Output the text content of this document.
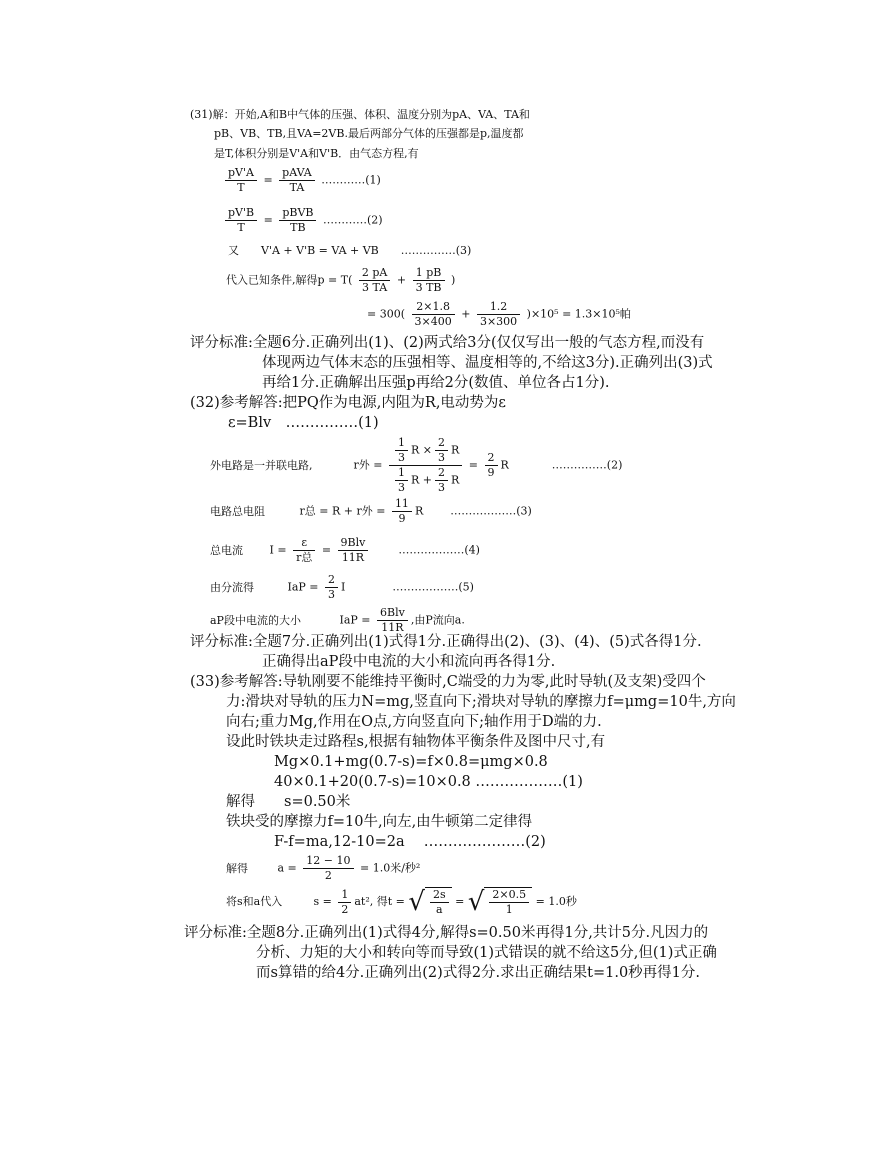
(31)解：开始,A和B中气体的压强、体积、温度分别为pA、VA、TA和
pB、VB、TB,且VA=2VB.最后两部分气体的压强都是p,温度都
是T,体积分别是V'A和V'B．由气态方程,有
$\frac{pV'A}{T} = \frac{\text{pAVA}}{TA}$ …………(1)
$\frac{pV'B}{T} = \frac{\text{pBVB}}{TB}$ …………(2)
又　　V'A + V'B = VA + VB　　……………(3)
代入已知条件,解得$p = T( \frac{2 pA}{3 TA} + \frac{1 pB}{3 TB}$ )
= $300( \frac{2\times 1.8}{3\times 400} + \frac{1.2}{3\times 300} )\times 10^5 = 1.3\times 10^5$帕
评分标准:全题6分.正确列出(1)、(2)两式给3分(仅仅写出一般的气态方程,而没有
体现两边气体末态的压强相等、温度相等的,不给这3分).正确列出(3)式
再给1分.正确解出压强p再给2分(数值、单位各占1分).
(32)参考解答:把PQ作为电源,内阻为R,电动势为ε
ε=Blv　……………(1)
外电路是一并联电路,	r外 = $\frac{\frac{1}{3} R \times \frac{2}{3} R}{\frac{1}{3} R + \frac{2}{3} R} = \frac{2}{9}$ R	……………(2)
电路总电阻	r总 = R + r外 = $\frac{11}{9}$ R ………………(3)
总电流 $I = \frac{\varepsilon}{\text{r总}} = \frac{\text{9Blv}}{11R}$	………………(4)
由分流得	IaP = $\frac{2}{3}$ I	………………(5)
aP段中电流的大小	IaP = $\frac{\text{6Blv}}{11R}$ ,由P流向a.
评分标准:全题7分.正确列出(1)式得1分.正确得出(2)、(3)、(4)、(5)式各得1分.
正确得出aP段中电流的大小和流向再各得1分.
(33)参考解答:导轨刚要不能维持平衡时,C端受的力为零,此时导轨(及支架)受四个
力:滑块对导轨的压力N=mg,竖直向下;滑块对导轨的摩擦力f=μmg=10牛,方向
向右;重力Mg,作用在O点,方向竖直向下;轴作用于D端的力.
设此时铁块走过路程s,根据有轴物体平衡条件及图中尺寸,有
Mg×0.1+mg(0.7-s)=f×0.8=μmg×0.8
40×0.1+20(0.7-s)=10×0.8 ………………(1)
解得　　s=0.50米
铁块受的摩擦力f=10牛,向左,由牛顿第二定律得
F-f=ma,12-10=2a　 …………………(2)
解得	$a = \frac{12 - 10}{2} = 1.0$米/秒²
将s和a代入	$s = \frac{1}{2} at^2$, 得t = √ $\frac{2s}{a}$ = √ $\frac{2\times 0.5}{1} = 1.0$秒
评分标准:全题8分.正确列出(1)式得4分,解得s=0.50米再得1分,共计5分.凡因力的
分析、力矩的大小和转向等而导致(1)式错误的就不给这5分,但(1)式正确
而s算错的给4分.正确列出(2)式得2分.求出正确结果t=1.0秒再得1分.
